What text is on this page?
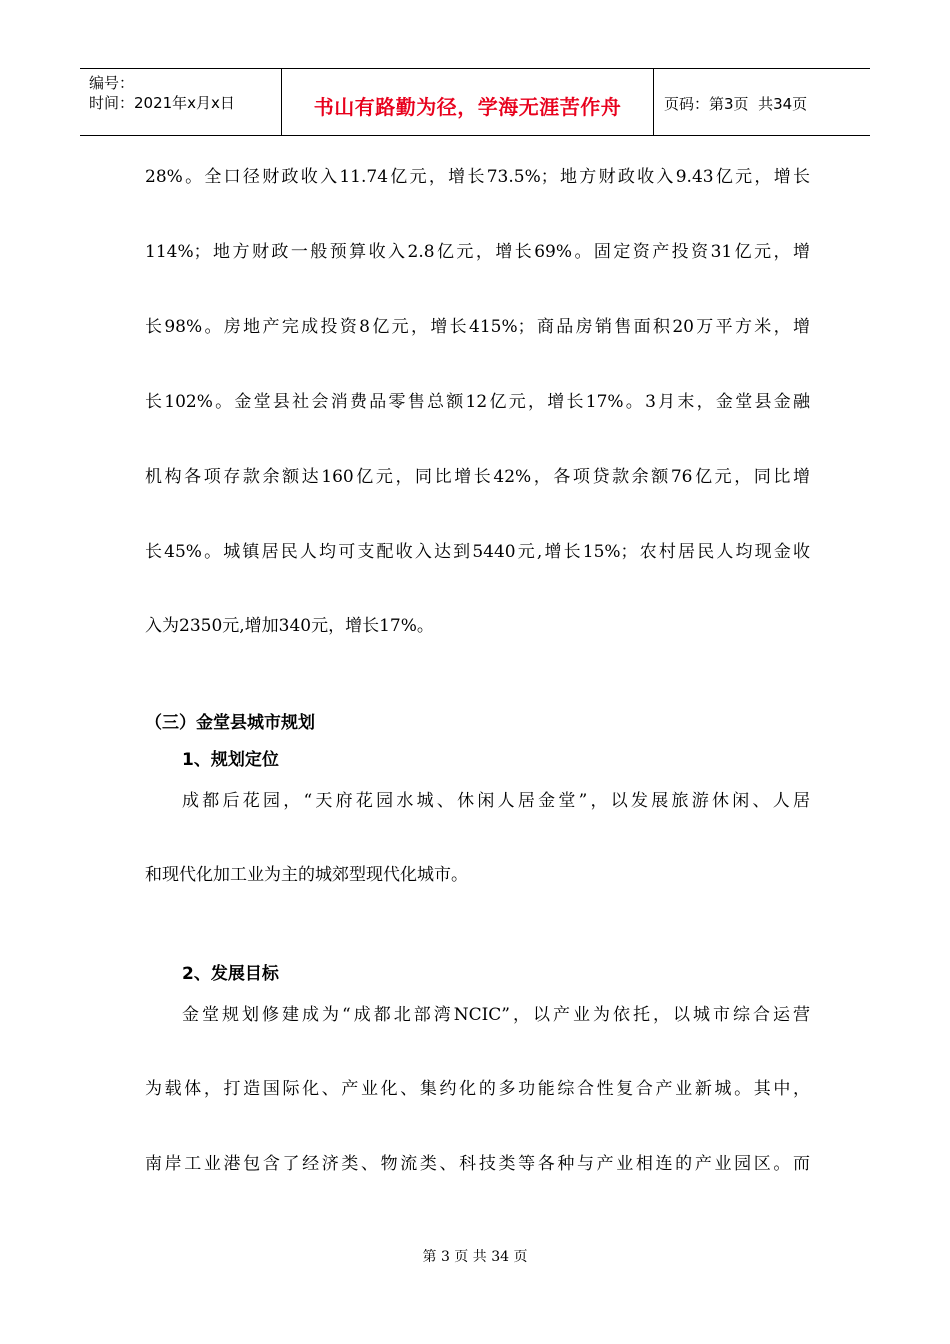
编号：
时间：2021年x月x日	书山有路勤为径，学海无涯苦作舟	页码：第3页  共34页
28%。全口径财政收入11.74亿元，增长73.5%；地方财政收入9.43亿元，增长
114%；地方财政一般预算收入2.8亿元，增长69%。固定资产投资31亿元，增
长98%。房地产完成投资8亿元，增长415%；商品房销售面积20万平方米，增
长102%。金堂县社会消费品零售总额12亿元，增长17%。3月末，金堂县金融
机构各项存款余额达160亿元，同比增长42%，各项贷款余额76亿元，同比增
长45%。城镇居民人均可支配收入达到5440元,增长15%；农村居民人均现金收
入为2350元,增加340元，增长17%。
（三）金堂县城市规划
1、规划定位
成都后花园，“天府花园水城、休闲人居金堂”，以发展旅游休闲、人居
和现代化加工业为主的城郊型现代化城市。
2、发展目标
金堂规划修建成为“成都北部湾NCIC”，以产业为依托，以城市综合运营
为载体，打造国际化、产业化、集约化的多功能综合性复合产业新城。其中，
南岸工业港包含了经济类、物流类、科技类等各种与产业相连的产业园区。而
第 3 页 共 34 页
